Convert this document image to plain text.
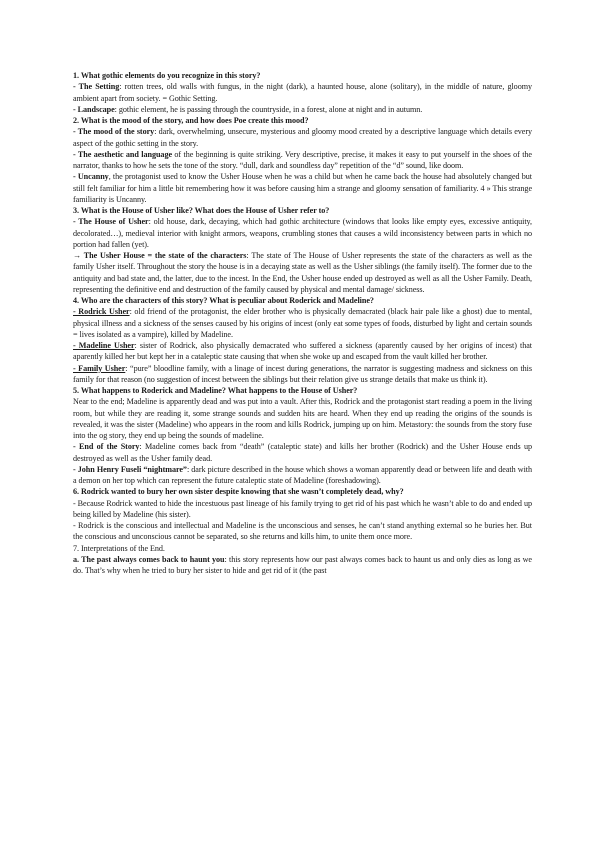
1. What gothic elements do you recognize in this story?

- The Setting: rotten trees, old walls with fungus, in the night (dark), a haunted house, alone (solitary), in the middle of nature, gloomy ambient apart from society. = Gothic Setting.

- Landscape: gothic element, he is passing through the countryside, in a forest, alone at night and in autumn.

2. What is the mood of the story, and how does Poe create this mood?

- The mood of the story: dark, overwhelming, unsecure, mysterious and gloomy mood created by a descriptive language which details every aspect of the gothic setting in the story.

- The aesthetic and language of the beginning is quite striking. Very descriptive, precise, it makes it easy to put yourself in the shoes of the narrator, thanks to how he sets the tone of the story. “dull, dark and soundless day” repetition of the “d” sound, like doom.

- Uncanny, the protagonist used to know the Usher House when he was a child but when he came back the house had absolutely changed but still felt familiar for him a little bit remembering how it was before causing him a strange and gloomy sensation of familiarity. 4 » This strange familiarity is Uncanny.

3. What is the House of Usher like? What does the House of Usher refer to?

- The House of Usher: old house, dark, decaying, which had gothic architecture (windows that looks like empty eyes, excessive antiquity, decolorated…), medieval interior with knight armors, weapons, crumbling stones that causes a wild inconsistency between parts in which no portion had fallen (yet).

→ The Usher House = the state of the characters: The state of The House of Usher represents the state of the characters as well as the family Usher itself. Throughout the story the house is in a decaying state as well as the Usher siblings (the family itself). The former due to the antiquity and bad state and, the latter, due to the incest. In the End, the Usher house ended up destroyed as well as all the Usher Family. Death, representing the definitive end and destruction of the family caused by physical and mental damage/ sickness.

4. Who are the characters of this story? What is peculiar about Roderick and Madeline?

- Rodrick Usher: old friend of the protagonist, the elder brother who is physically demacrated (black hair pale like a ghost) due to mental, physical illness and a sickness of the senses caused by his origins of incest (only eat some types of foods, disturbed by light and certain sounds = lives isolated as a vampire), killed by Madeline.

- Madeline Usher: sister of Rodrick, also physically demacrated who suffered a sickness (aparently caused by her origins of incest) that aparently killed her but kept her in a cataleptic state causing that when she woke up and escaped from the vault killed her brother.

- Family Usher: “pure” bloodline family, with a linage of incest during generations, the narrator is suggesting madness and sickness on this family for that reason (no suggestion of incest between the siblings but their relation give us strange details that make us think it).

5. What happens to Roderick and Madeline? What happens to the House of Usher?

Near to the end; Madeline is apparently dead and was put into a vault. After this, Rodrick and the protagonist start reading a poem in the living room, but while they are reading it, some strange sounds and sudden hits are heard. When they end up reading the origins of the sounds is revealed, it was the sister (Madeline) who appears in the room and kills Rodrick, jumping up on him. Metastory: the sounds from the story fuse into the og story, they end up being the sounds of madeline.

- End of the Story: Madeline comes back from “death” (cataleptic state) and kills her brother (Rodrick) and the Usher House ends up destroyed as well as the Usher family dead.

- John Henry Fuseli “nightmare”: dark picture described in the house which shows a woman apparently dead or between life and death with a demon on her top which can represent the future cataleptic state of Madeline (foreshadowing).

6. Rodrick wanted to bury her own sister despite knowing that she wasn’t completely dead, why?

- Because Rodrick wanted to hide the incestuous past lineage of his family trying to get rid of his past which he wasn’t able to do and ended up being killed by Madeline (his sister).

- Rodrick is the conscious and intellectual and Madeline is the unconscious and senses, he can’t stand anything external so he buries her. But the conscious and unconscious cannot be separated, so she returns and kills him, to unite them once more.

7. Interpretations of the End.

a. The past always comes back to haunt you: this story represents how our past always comes back to haunt us and only dies as long as we do. That’s why when he tried to bury her sister to hide and get rid of it (the past
